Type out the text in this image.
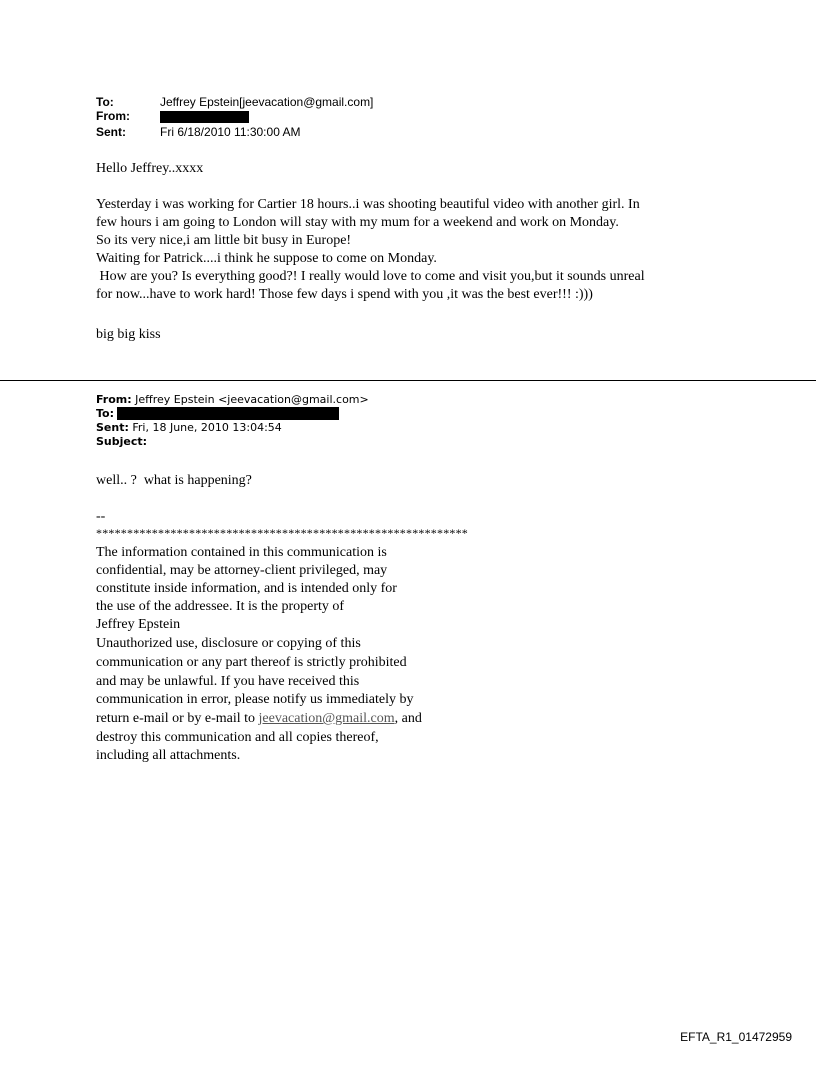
To:	Jeffrey Epstein[jeevacation@gmail.com]
From:
Sent:	Fri 6/18/2010 11:30:00 AM
Hello Jeffrey..xxxx
Yesterday i was working for Cartier 18 hours..i was shooting beautiful video with another girl. In
few hours i am going to London will stay with my mum for a weekend and work on Monday.
So its very nice,i am little bit busy in Europe!
Waiting for Patrick....i think he suppose to come on Monday.
How are you? Is everything good?! I really would love to come and visit you,but it sounds unreal
for now...have to work hard! Those few days i spend with you ,it was the best ever!!! :)))
big big kiss
From: Jeffrey Epstein <jeevacation@gmail.com>
To:
Sent: Fri, 18 June, 2010 13:04:54
Subject:
well.. ?  what is happening?
--
************************************************************
The information contained in this communication is
confidential, may be attorney-client privileged, may
constitute inside information, and is intended only for
the use of the addressee. It is the property of
Jeffrey Epstein
Unauthorized use, disclosure or copying of this
communication or any part thereof is strictly prohibited
and may be unlawful. If you have received this
communication in error, please notify us immediately by
return e-mail or by e-mail to jeevacation@gmail.com, and
destroy this communication and all copies thereof,
including all attachments.
EFTA_R1_01472959
